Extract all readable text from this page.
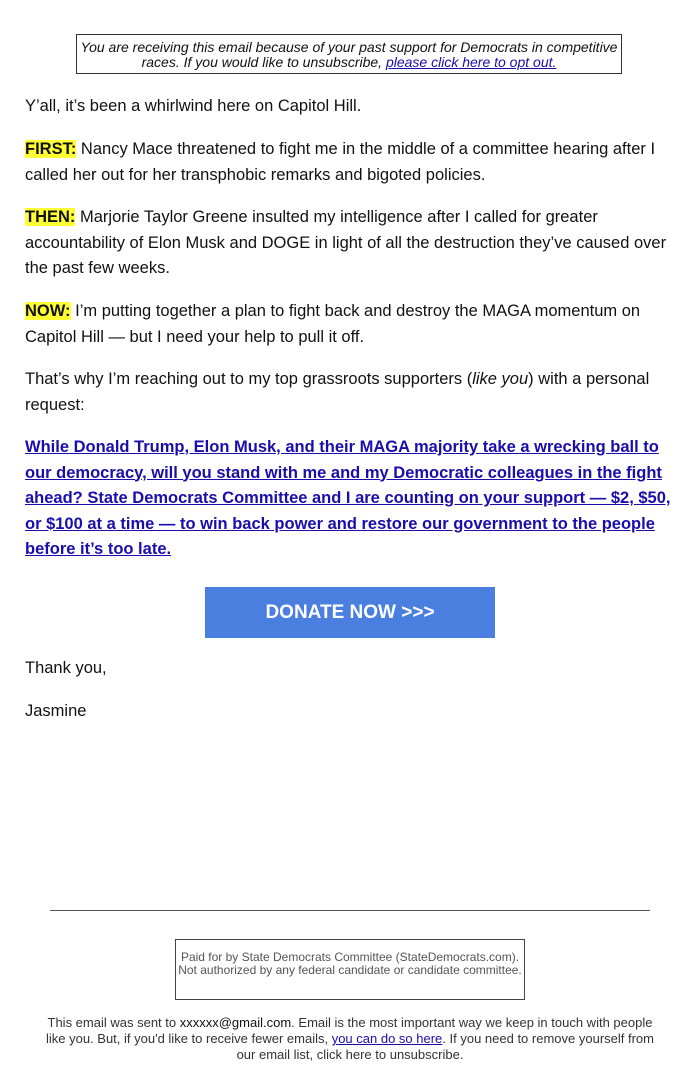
You are receiving this email because of your past support for Democrats in competitive races. If you would like to unsubscribe, please click here to opt out.

Y’all, it’s been a whirlwind here on Capitol Hill.

FIRST: Nancy Mace threatened to fight me in the middle of a committee hearing after I called her out for her transphobic remarks and bigoted policies.

THEN: Marjorie Taylor Greene insulted my intelligence after I called for greater accountability of Elon Musk and DOGE in light of all the destruction they’ve caused over the past few weeks.

NOW: I’m putting together a plan to fight back and destroy the MAGA momentum on Capitol Hill — but I need your help to pull it off.

That’s why I’m reaching out to my top grassroots supporters (like you) with a personal request:

While Donald Trump, Elon Musk, and their MAGA majority take a wrecking ball to our democracy, will you stand with me and my Democratic colleagues in the fight ahead? State Democrats Committee and I are counting on your support — $2, $50, or $100 at a time — to win back power and restore our government to the people before it’s too late.

DONATE NOW >>>
Thank you,
Jasmine
Paid for by State Democrats Committee (StateDemocrats.com). Not authorized by any federal candidate or candidate committee.
This email was sent to xxxxxx@gmail.com. Email is the most important way we keep in touch with people like you. But, if you'd like to receive fewer emails, you can do so here. If you need to remove yourself from our email list, click here to unsubscribe.
